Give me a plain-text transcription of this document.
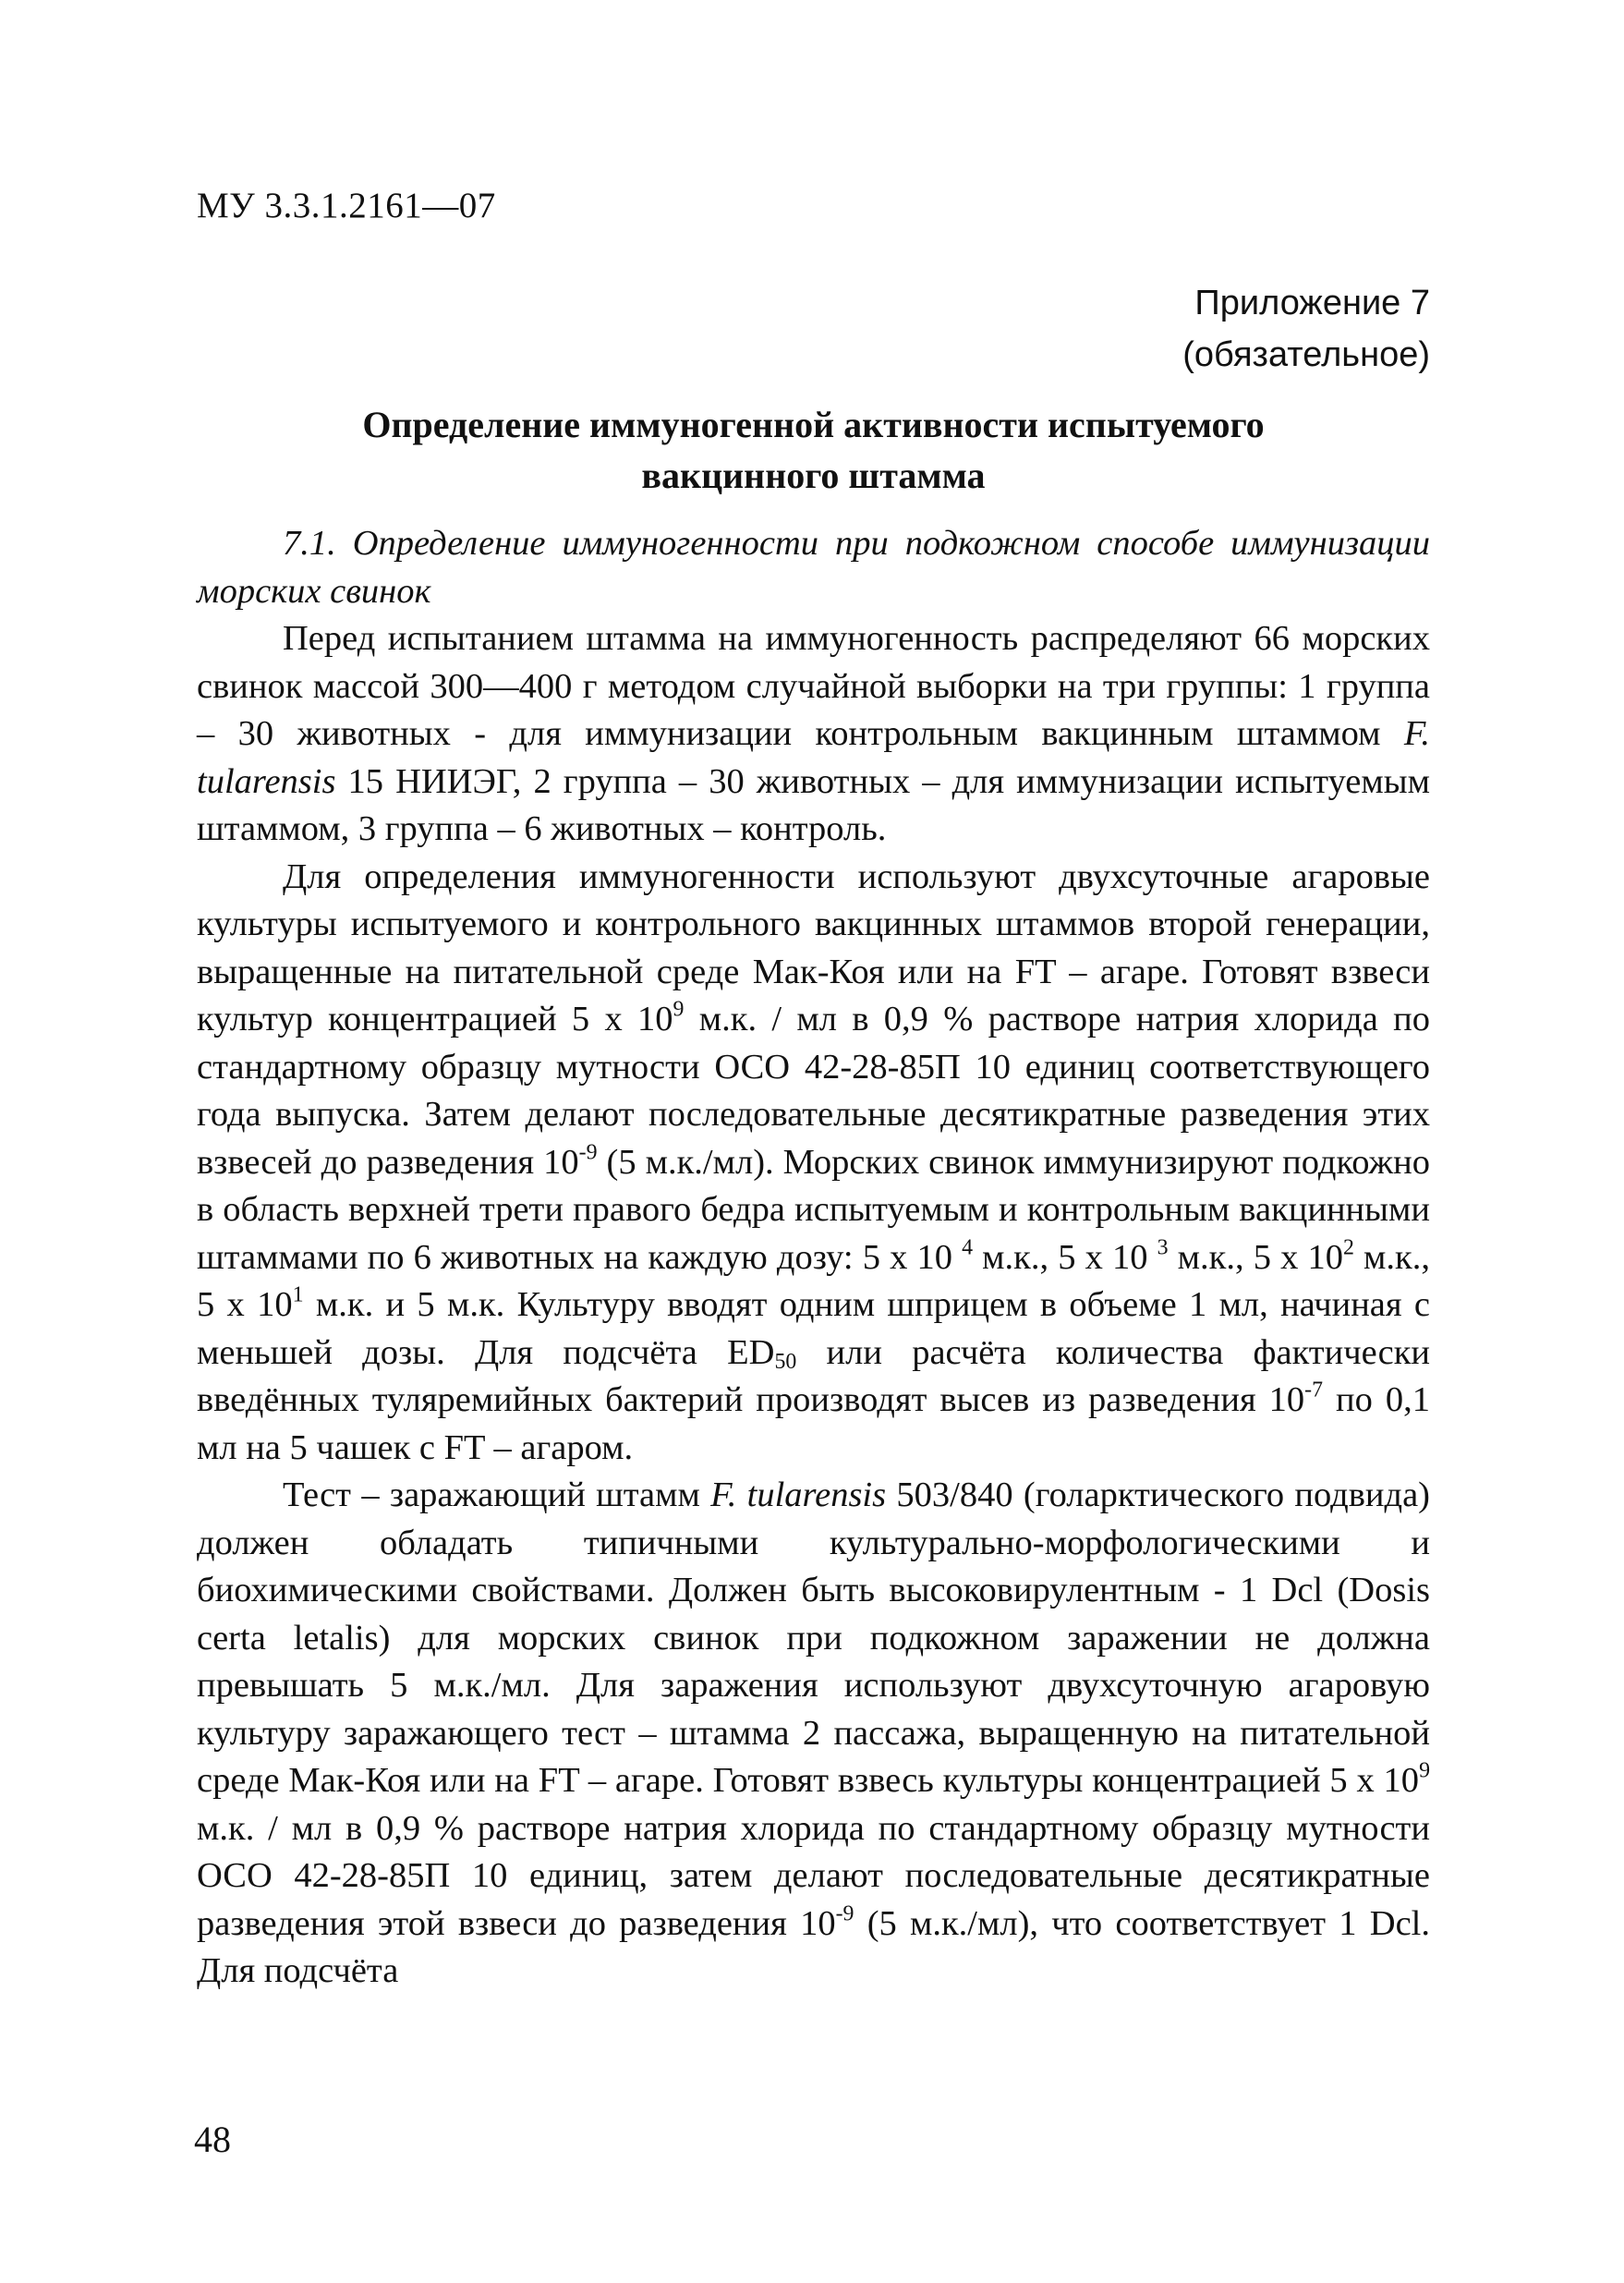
МУ 3.3.1.2161—07
Приложение 7
(обязательное)
Определение иммуногенной активности испытуемого
вакцинного штамма

7.1. Определение иммуногенности при подкожном способе иммунизации морских свинок

Перед испытанием штамма на иммуногенность распределяют 66 морских свинок массой 300—400 г методом случайной выборки на три группы: 1 группа – 30 животных - для иммунизации контрольным вакцинным штаммом F. tularensis 15 НИИЭГ, 2 группа – 30 животных – для иммунизации испытуемым штаммом, 3 группа – 6 животных – контроль.

Для определения иммуногенности используют двухсуточные агаровые культуры испытуемого и контрольного вакцинных штаммов второй генерации, выращенные на питательной среде Мак-Коя или на FT – агаре. Готовят взвеси культур концентрацией 5 х $10^9$ м.к. / мл в 0,9 % растворе натрия хлорида по стандартному образцу мутности ОСО 42-28-85П 10 единиц соответствующего года выпуска. Затем делают последовательные десятикратные разведения этих взвесей до разведения $10^{-9}$ (5 м.к./мл). Морских свинок иммунизируют подкожно в область верхней трети правого бедра испытуемым и контрольным вакцинными штаммами по 6 животных на каждую дозу: 5 х 10 $^4$ м.к., 5 х 10 $^3$ м.к., 5 х $10^2$ м.к., 5 х $10^1$ м.к. и 5 м.к. Культуру вводят одним шприцем в объеме 1 мл, начиная с меньшей дозы. Для подсчёта $ED_{50}$ или расчёта количества фактически введённых туляремийных бактерий производят высев из разведения $10^{-7}$ по 0,1 мл на 5 чашек с FT – агаром.

Тест – заражающий штамм F. tularensis 503/840 (голарктического подвида) должен обладать типичными культурально-морфологическими и биохимическими свойствами. Должен быть высоковирулентным - 1 Dcl (Dosis certa letalis) для морских свинок при подкожном заражении не должна превышать 5 м.к./мл. Для заражения используют двухсуточную агаровую культуру заражающего тест – штамма 2 пассажа, выращенную на питательной среде Мак-Коя или на FT – агаре. Готовят взвесь культуры концентрацией 5 х $10^9$ м.к. / мл в 0,9 % растворе натрия хлорида по стандартному образцу мутности ОСО 42-28-85П 10 единиц, затем делают последовательные десятикратные разведения этой взвеси до разведения $10^{-9}$ (5 м.к./мл), что соответствует 1 Dcl. Для подсчёта

48
